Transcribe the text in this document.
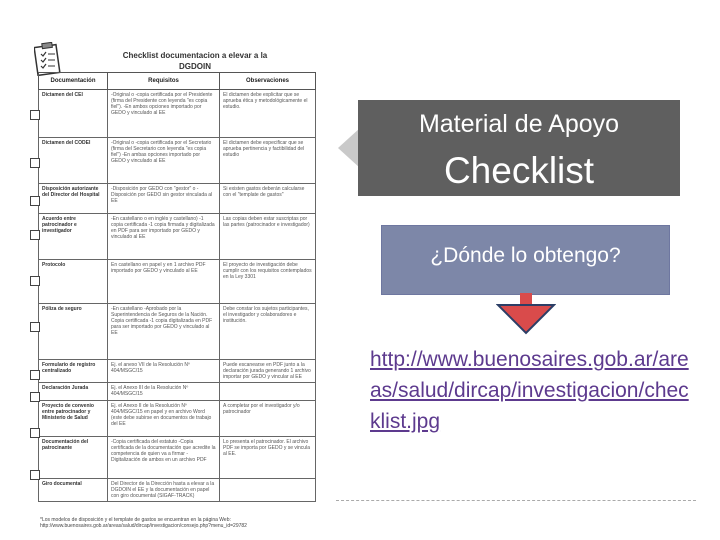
Checklist documentacion a elevar a la
DGDOIN
Documentación	Requisitos	Observaciones
Dictamen del CEI	-Original o -copia certificada por el Presidente (firma del Presidente con leyenda "es copia fiel"). -En ambos opciones importado por GEDO y vinculado al EE	El dictamen debe explicitar que se aprueba ética y metodológicamente el estudio.
Dictamen del CODEI	-Original o -copia certificada por el Secretario (firma del Secretario con leyenda "es copia fiel") -En ambas opciones importado por GEDO y vinculado al EE	El dictamen debe especificar que se aprueba pertinencia y factibilidad del estudio
Disposición autorizante del Director del Hospital	-Disposición por GEDO con "gestor" o -Disposición por GEDO sin gestor vinculada al EE	Si existen gastos deberán calcularse con el "template de gastos"
Acuerdo entre patrocinador e investigador	-En castellano o en inglés y castellano) -1 copia certificada -1 copia firmada y digitalizada en PDF para ser importado por GEDO y vinculado al EE	Las copias deben estar suscriptas por las partes (patrocinador e investigador)
Protocolo	En castellano en papel y en 1 archivo PDF importado por GEDO y vinculado al EE	El proyecto de investigación debe cumplir con los requisitos contemplados en la Ley 3301
Póliza de seguro	-En castellano -Aprobado por la Superintendencia de Seguros de la Nación. Copia certificada -1 copia digitalizada en PDF para ser importado por GEDO y vinculado al EE	Debe constar los sujetos participantes, el investigador y colaboradores e institución.
Formulario de registro centralizado	Ej. el anexo VII de la Resolución Nº 404/MSGC/15	Puede escanearse en PDF junto a la declaración jurada generando 1 archivo importar por GEDO y vincular al EE
Declaración Jurada	Ej. el Anexo III de la Resolución Nº 404/MSGC/15	
Proyecto de convenio entre patrocinador y Ministerio de Salud	Ej. el Anexo II de la Resolución Nº 404/MSGC/15 en papel y en archivo Word (este debe subirse en documentos de trabajo del EE	A completar por el investigador y/o patrocinador
Documentación del patrocinante	-Copia certificada del estatuto -Copia certificada de la documentación que acredite la competencia de quien va a firmar -Digitalización de ambos en un archivo PDF	Lo presenta el patrocinador. El archivo PDF se importa por GEDO y se vincula al EE.
Giro documental	Del Director de la Dirección hasta a elevar a la DGDOIN el EE y la documentación en papel con giro documental (SIGAF-TRACK)	
*Los modelos de disposición y el template de gastos se encuentran en la página Web: http://www.buenosaires.gob.ar/areas/salud/dircap/investigacion/consejo.php?menu_id=29782
Material de Apoyo
Checklist
¿Dónde lo obtengo?
http://www.buenosaires.gob.ar/areas/salud/dircap/investigacion/checklist.jpg
